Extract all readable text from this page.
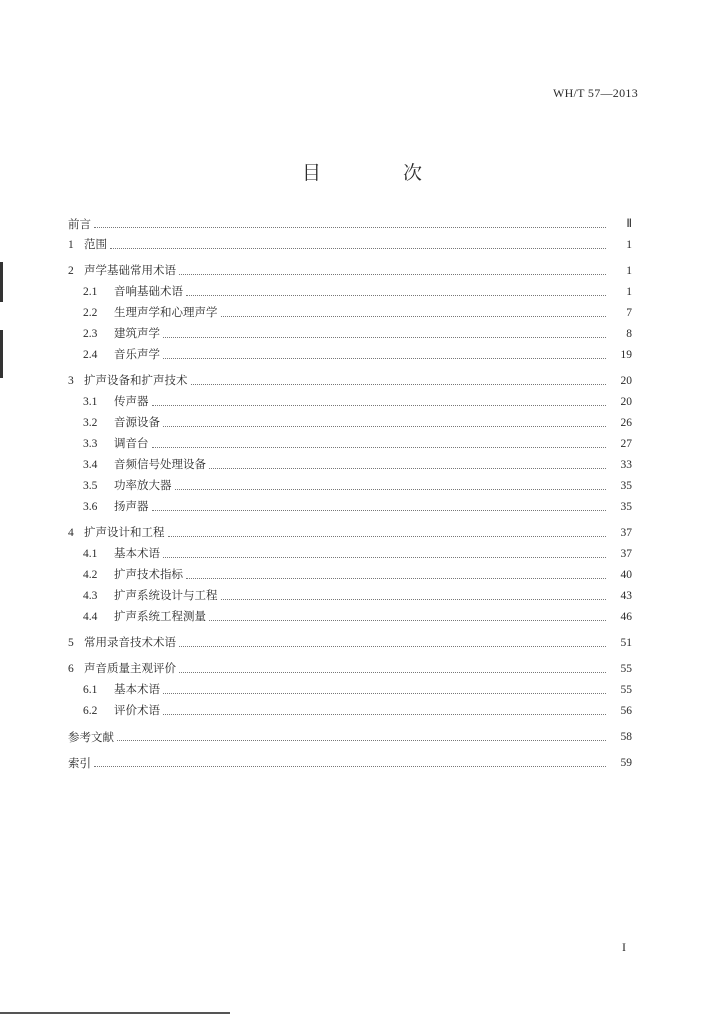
WH/T 57—2013
目 次
前言	Ⅱ
1 范围	1
2 声学基础常用术语	1
2.1 音响基础术语	1
2.2 生理声学和心理声学	7
2.3 建筑声学	8
2.4 音乐声学	19
3 扩声设备和扩声技术	20
3.1 传声器	20
3.2 音源设备	26
3.3 调音台	27
3.4 音频信号处理设备	33
3.5 功率放大器	35
3.6 扬声器	35
4 扩声设计和工程	37
4.1 基本术语	37
4.2 扩声技术指标	40
4.3 扩声系统设计与工程	43
4.4 扩声系统工程测量	46
5 常用录音技术术语	51
6 声音质量主观评价	55
6.1 基本术语	55
6.2 评价术语	56
参考文献	58
索引	59
I
